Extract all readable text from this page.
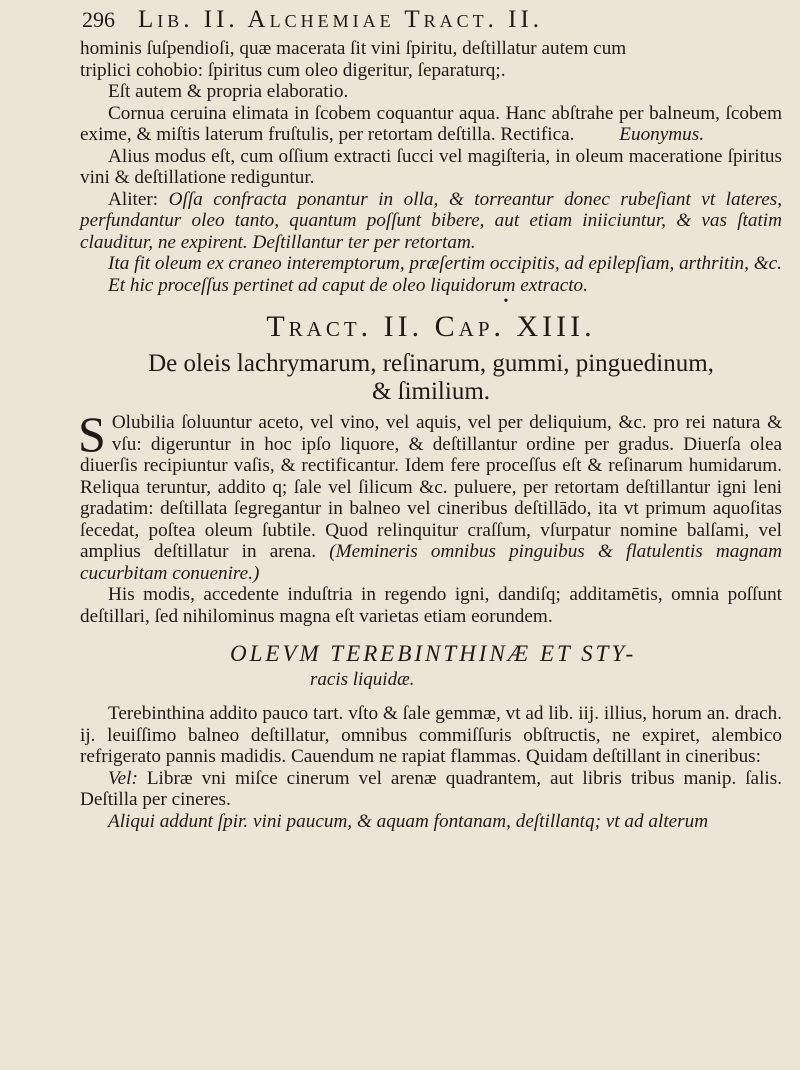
296 Lib. II. Alchemiae Tract. II.

hominis ſuſpendioſi, quæ macerata ſit vini ſpiritu, deſtillatur autem cum

triplici cohobio: ſpiritus cum oleo digeritur, ſeparaturq;.

Eſt autem & propria elaboratio.

Cornua ceruina elimata in ſcobem coquantur aqua. Hanc abſtrahe per balneum, ſcobem exime, & miſtis laterum fruſtulis, per retortam deſtilla. Rectifica. Euonymus.

Alius modus eſt, cum oſſium extracti ſucci vel magiſteria, in oleum maceratione ſpiritus vini & deſtillatione rediguntur.

Aliter: Oſſa confracta ponantur in olla, & torreantur donec rubeſiant vt lateres, perfundantur oleo tanto, quantum poſſunt bibere, aut etiam iniiciuntur, & vas ſtatim clauditur, ne expirent. Deſtillantur ter per retortam.

Ita fit oleum ex craneo interemptorum, præſertim occipitis, ad epilepſiam, arthritin, &c.

Et hic proceſſus pertinet ad caput de oleo liquidorum extracto.

•
Tract. II. Cap. XIII.

De oleis lachrymarum, reſinarum, gummi, pinguedinum,

& ſimilium.

S Olubilia ſoluuntur aceto, vel vino, vel aquis, vel per deliquium, &c. pro rei natura & vſu: digeruntur in hoc ipſo liquore, & deſtillantur ordine per gradus. Diuerſa olea diuerſis recipiuntur vaſis, & rectificantur. Idem fere proceſſus eſt & reſinarum humidarum. Reliqua teruntur, addito q; ſale vel ſilicum &c. puluere, per retortam deſtillantur igni leni gradatim: deſtillata ſegregantur in balneo vel cineribus deſtillādo, ita vt primum aquoſitas ſecedat, poſtea oleum ſubtile. Quod relinquitur craſſum, vſurpatur nomine balſami, vel amplius deſtillatur in arena. (Memineris omnibus pinguibus & flatulentis magnam cucurbitam conuenire.)

His modis, accedente induſtria in regendo igni, dandiſq; additamētis, omnia poſſunt deſtillari, ſed nihilominus magna eſt varietas etiam eorundem.

OLEVM TEREBINTHINÆ ET STY-
racis liquidæ.

Terebinthina addito pauco tart. vſto & ſale gemmæ, vt ad lib. iij. illius, horum an. drach. ij. leuiſſimo balneo deſtillatur, omnibus commiſſuris obſtructis, ne expiret, alembico refrigerato pannis madidis. Cauendum ne rapiat flammas. Quidam deſtillant in cineribus:

Vel: Libræ vni miſce cinerum vel arenæ quadrantem, aut libris tribus manip. ſalis. Deſtilla per cineres.

Aliqui addunt ſpir. vini paucum, & aquam fontanam, deſtillantq; vt ad alterum
